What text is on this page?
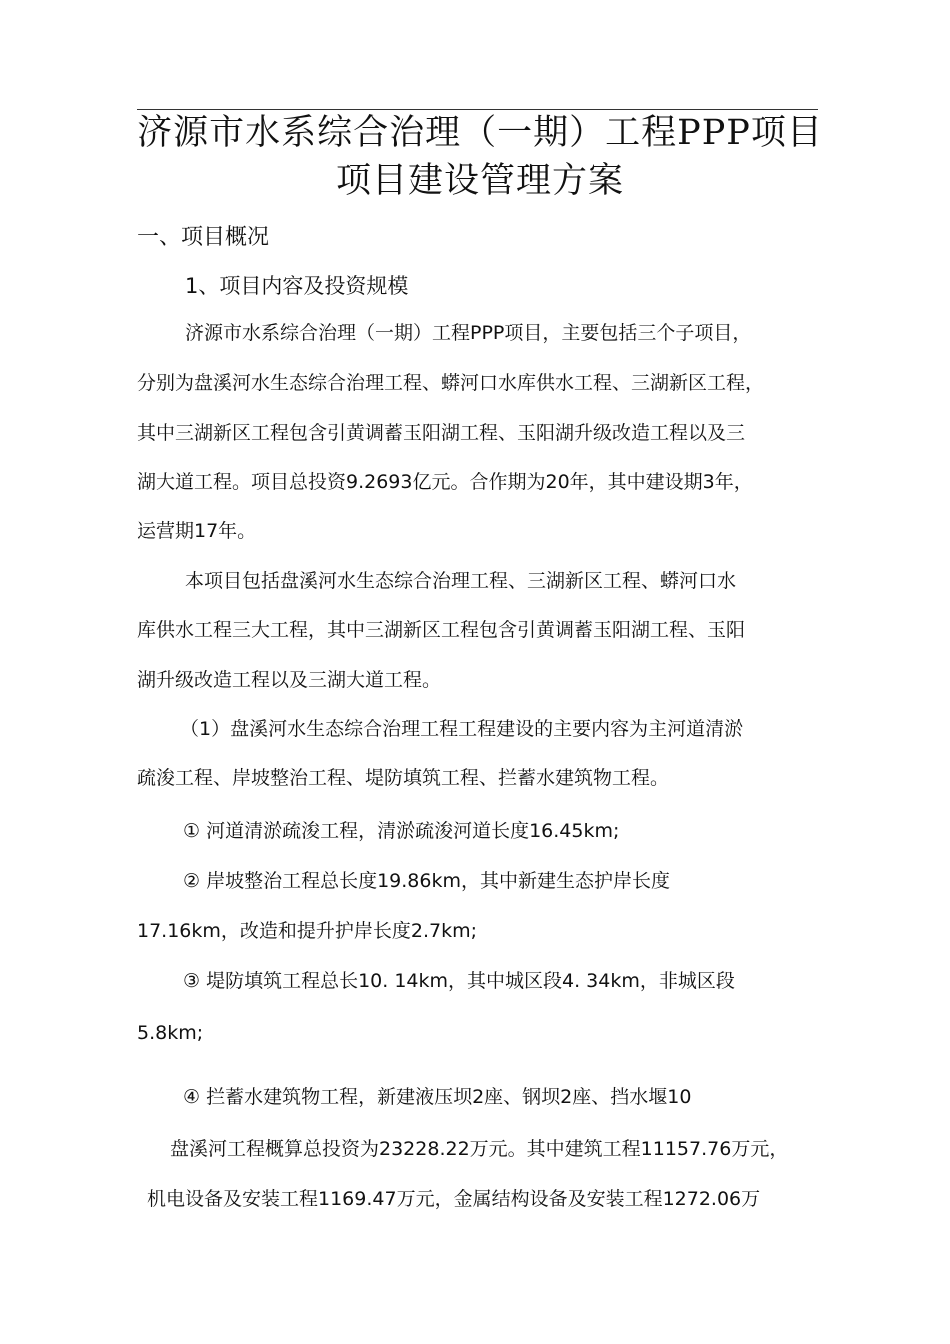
济源市水系综合治理（一期）工程PPP项目
项目建设管理方案
一、项目概况
1、项目内容及投资规模
济源市水系综合治理（一期）工程PPP项目，主要包括三个子项目，
分别为盘溪河水生态综合治理工程、蟒河口水库供水工程、三湖新区工程，
其中三湖新区工程包含引黄调蓄玉阳湖工程、玉阳湖升级改造工程以及三
湖大道工程。项目总投资9.2693亿元。合作期为20年，其中建设期3年，
运营期17年。
本项目包括盘溪河水生态综合治理工程、三湖新区工程、蟒河口水
库供水工程三大工程，其中三湖新区工程包含引黄调蓄玉阳湖工程、玉阳
湖升级改造工程以及三湖大道工程。
（1）盘溪河水生态综合治理工程工程建设的主要内容为主河道清淤
疏浚工程、岸坡整治工程、堤防填筑工程、拦蓄水建筑物工程。
① 河道清淤疏浚工程，清淤疏浚河道长度16.45km;
② 岸坡整治工程总长度19.86km，其中新建生态护岸长度
17.16km，改造和提升护岸长度2.7km;
③ 堤防填筑工程总长10. 14km，其中城区段4. 34km，非城区段
5.8km;
④ 拦蓄水建筑物工程，新建液压坝2座、钢坝2座、挡水堰10
盘溪河工程概算总投资为23228.22万元。其中建筑工程11157.76万元，
机电设备及安装工程1169.47万元，金属结构设备及安装工程1272.06万
